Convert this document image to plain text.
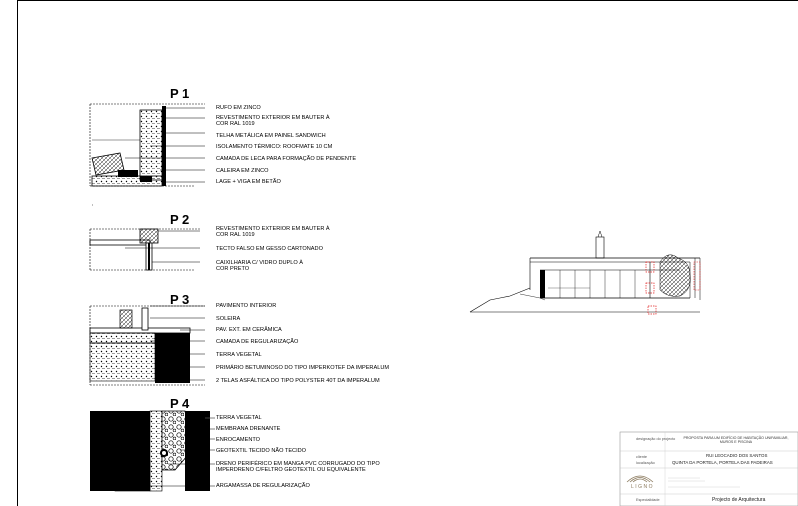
P 1
P 2
P 3
P 4
RUFO EM ZINCO
REVESTIMENTO EXTERIOR EM BAUTER À
COR RAL 1019
TELHA METÁLICA EM PAINEL SANDWICH
ISOLAMENTO TÉRMICO: ROOFMATE 10 CM
CAMADA DE LECA PARA FORMAÇÃO DE PENDENTE
CALEIRA EM ZINCO
LAGE + VIGA EM BETÃO
REVESTIMENTO EXTERIOR EM BAUTER À
COR RAL 1019
TECTO FALSO EM GESSO CARTONADO
CAIXILHARIA C/ VIDRO DUPLO À
COR PRETO
PAVIMENTO INTERIOR
SOLEIRA
PAV. EXT. EM CERÂMICA
CAMADA DE REGULARIZAÇÃO
TERRA VEGETAL
PRIMÁRIO BETUMINOSO DO TIPO IMPERKOTEF DA IMPERALUM
2 TELAS ASFÁLTICA DO TIPO POLYSTER 40T DA IMPERALUM
TERRA VEGETAL
MEMBRANA DRENANTE
ENROCAMENTO
GEOTEXTIL TECIDO NÃO TECIDO
DRENO PERIFÉRICO EM MANGA PVC CORRUGADO DO TIPO
IMPERDRENO C/FELTRO GEOTEXTIL OU EQUIVALENTE
ARGAMASSA DE REGULARIZAÇÃO
designação do projecto	PROPOSTA PARA UM EDIFÍCIO DE HABITAÇÃO UNIFAMILIAR, MUROS E PISCINA
cliente	RUI LEOCADIO DOS SANTOS
localização	QUINTA DA PORTELA, PORTELA DAS PADEIRAS
LIGNO
Especialidade	Projecto de Arquitectura
